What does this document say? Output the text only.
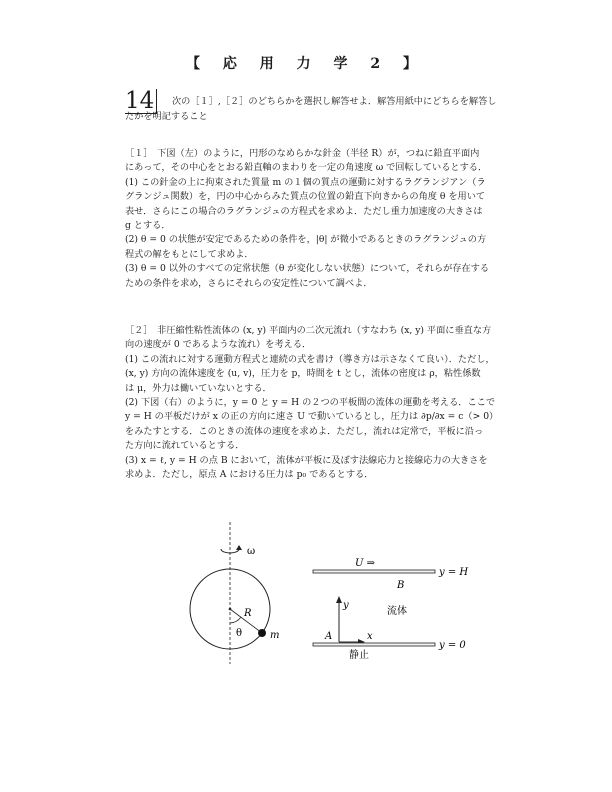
【 応 用 力 学 2 】
14 次の［１］,［２］のどちらかを選択し解答せよ．解答用紙中にどちらを解答し

たかを明記すること

［１］　下図（左）のように，円形のなめらかな針金（半径 R）が，つねに鉛直平面内

にあって，その中心をとおる鉛直軸のまわりを一定の角速度 ω で回転しているとする．

(1) この針金の上に拘束された質量 m の１個の質点の運動に対するラグランジアン（ラ

グランジュ関数）を，円の中心からみた質点の位置の鉛直下向きからの角度 θ を用いて

表せ．さらにこの場合のラグランジュの方程式を求めよ．ただし重力加速度の大きさは

g とする．

(2) θ = 0 の状態が安定であるための条件を，|θ| が微小であるときのラグランジュの方

程式の解をもとにして求めよ．

(3) θ = 0 以外のすべての定常状態（θ が変化しない状態）について，それらが存在する

ための条件を求め，さらにそれらの安定性について調べよ．

［２］　非圧縮性粘性流体の (x, y) 平面内の二次元流れ（すなわち (x, y) 平面に垂直な方

向の速度が 0 であるような流れ）を考える．

(1) この流れに対する運動方程式と連続の式を書け（導き方は示さなくて良い）．ただし，

(x, y) 方向の流体速度を (u, v)，圧力を p，時間を t とし，流体の密度は ρ，粘性係数

は μ，外力は働いていないとする．

(2) 下図（右）のように，y = 0 と y = H の２つの平板間の流体の運動を考える．ここで

y = H の平板だけが x の正の方向に速さ U で動いているとし，圧力は ∂p/∂x = c（> 0）

をみたすとする．このときの流体の速度を求めよ．ただし，流れは定常で，平板に沿っ

た方向に流れているとする．

(3) x = ℓ, y = H の点 B において，流体が平板に及ぼす法線応力と接線応力の大きさを

求めよ．ただし，原点 A における圧力は p₀ であるとする．

ω
R
θ	m
U ⇒
B
y = H
y
x
流体
A
静止
y = 0
